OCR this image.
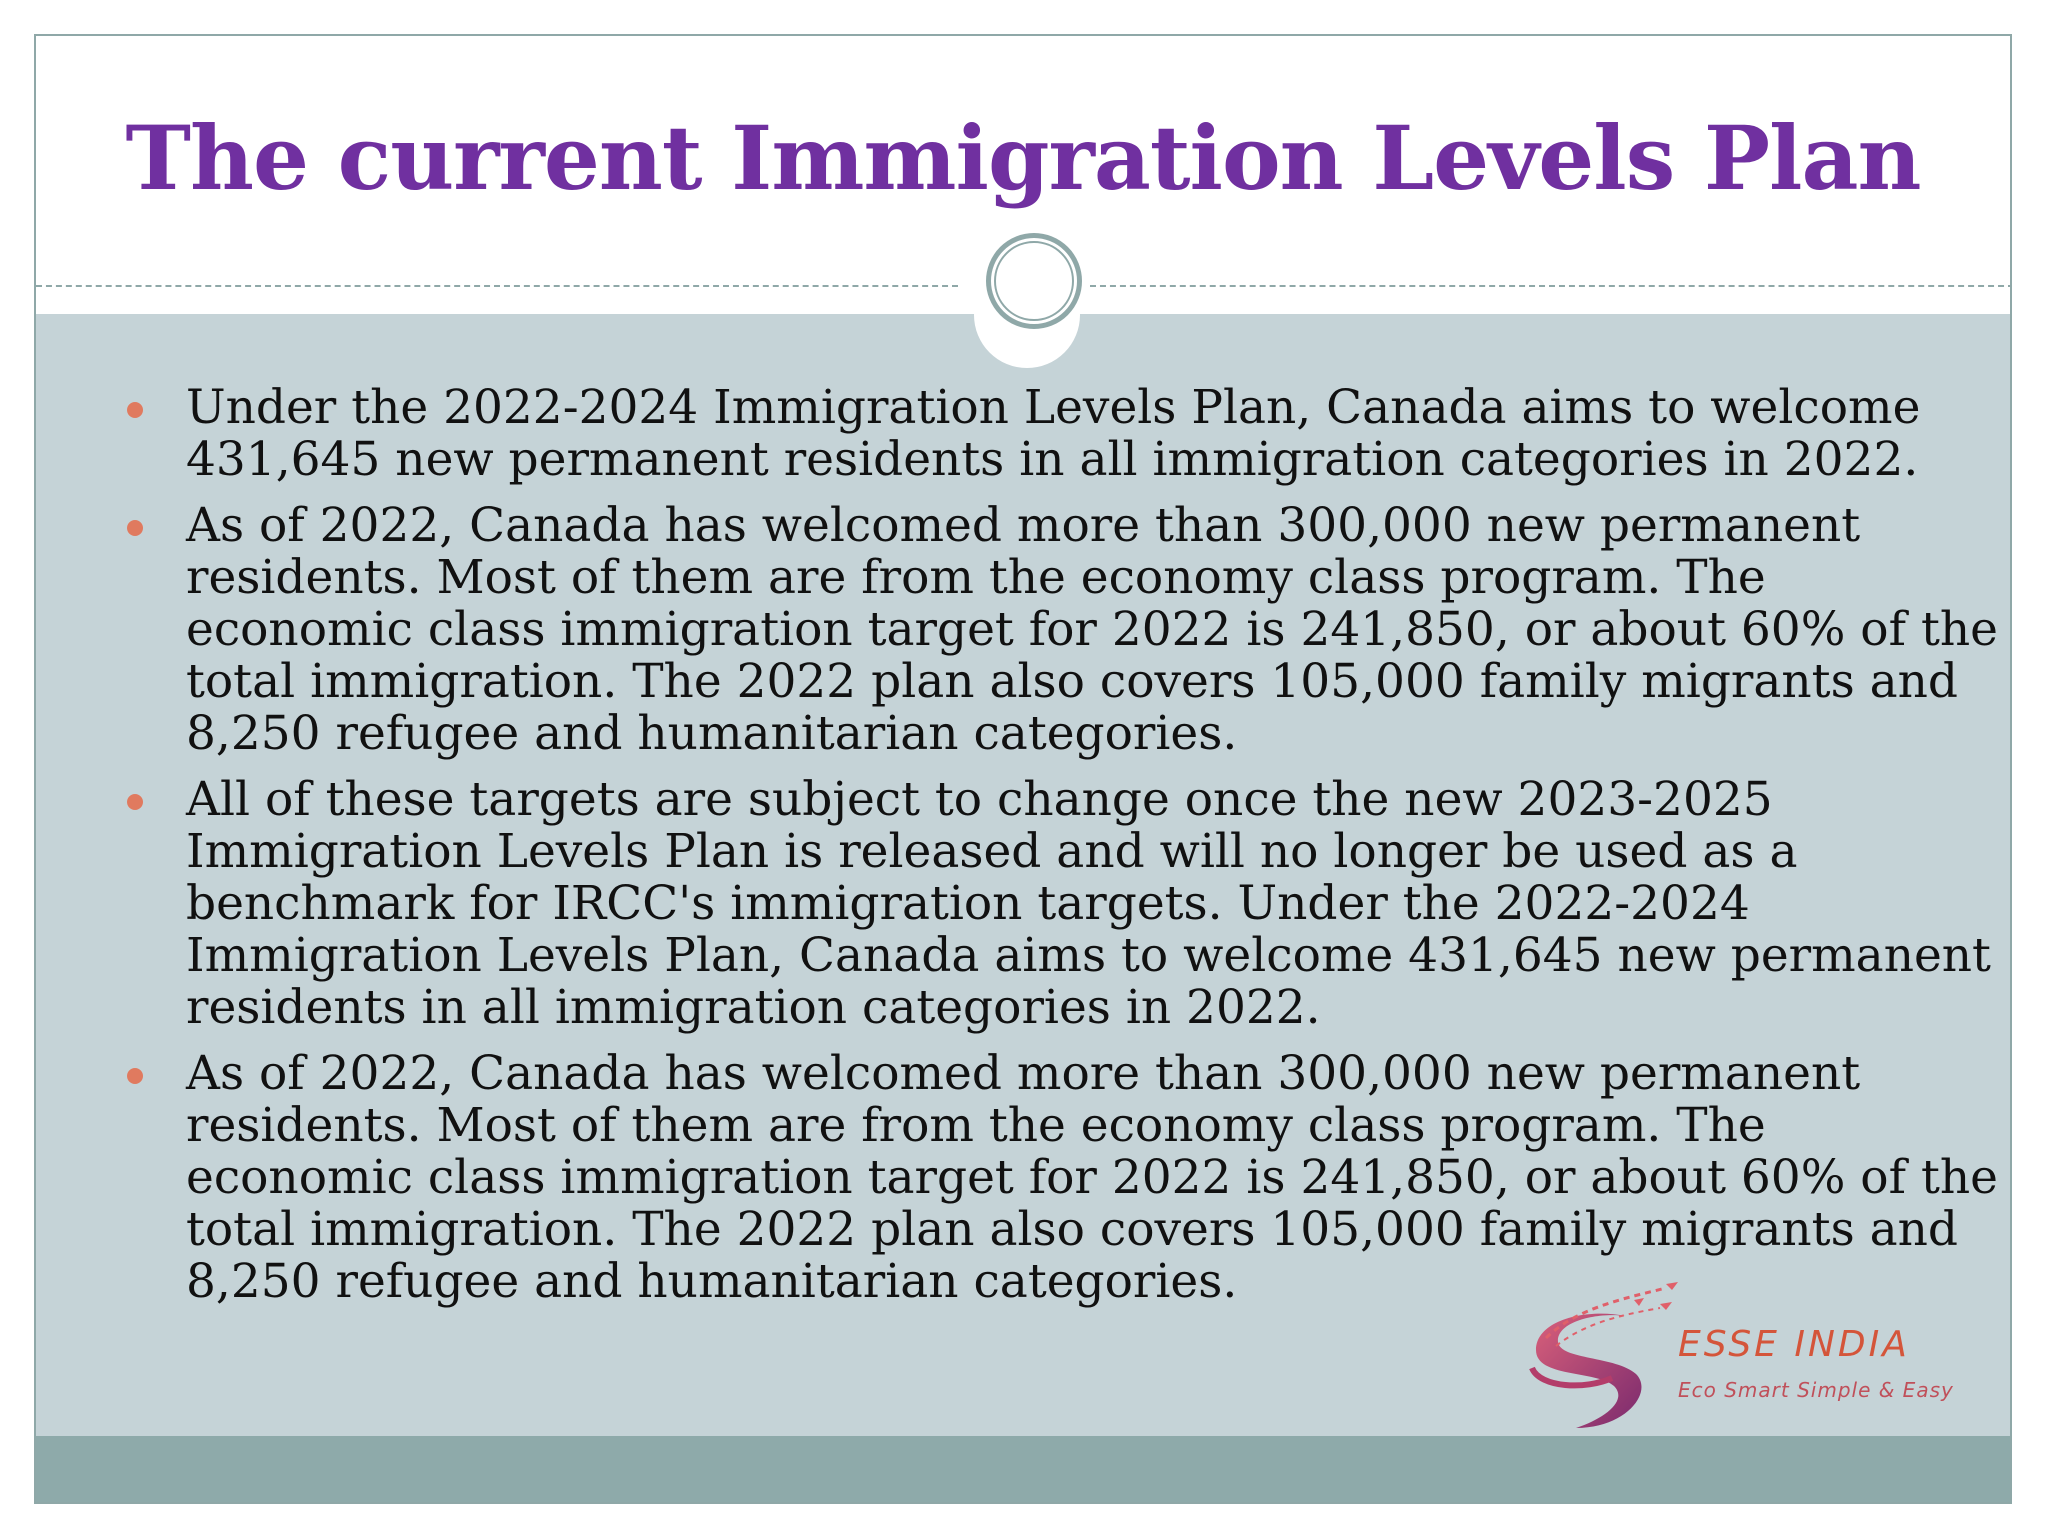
The current Immigration Levels Plan
Under the 2022-2024 Immigration Levels Plan, Canada aims to welcome 431,645 new permanent residents in all immigration categories in 2022.
As of 2022, Canada has welcomed more than 300,000 new permanent residents. Most of them are from the economy class program. The economic class immigration target for 2022 is 241,850, or about 60% of the total immigration. The 2022 plan also covers 105,000 family migrants and 8,250 refugee and humanitarian categories.
All of these targets are subject to change once the new 2023-2025 Immigration Levels Plan is released and will no longer be used as a benchmark for IRCC's immigration targets. Under the 2022-2024 Immigration Levels Plan, Canada aims to welcome 431,645 new permanent residents in all immigration categories in 2022.
As of 2022, Canada has welcomed more than 300,000 new permanent residents. Most of them are from the economy class program. The economic class immigration target for 2022 is 241,850, or about 60% of the total immigration. The 2022 plan also covers 105,000 family migrants and 8,250 refugee and humanitarian categories.
ESSE INDIA
Eco Smart Simple & Easy
